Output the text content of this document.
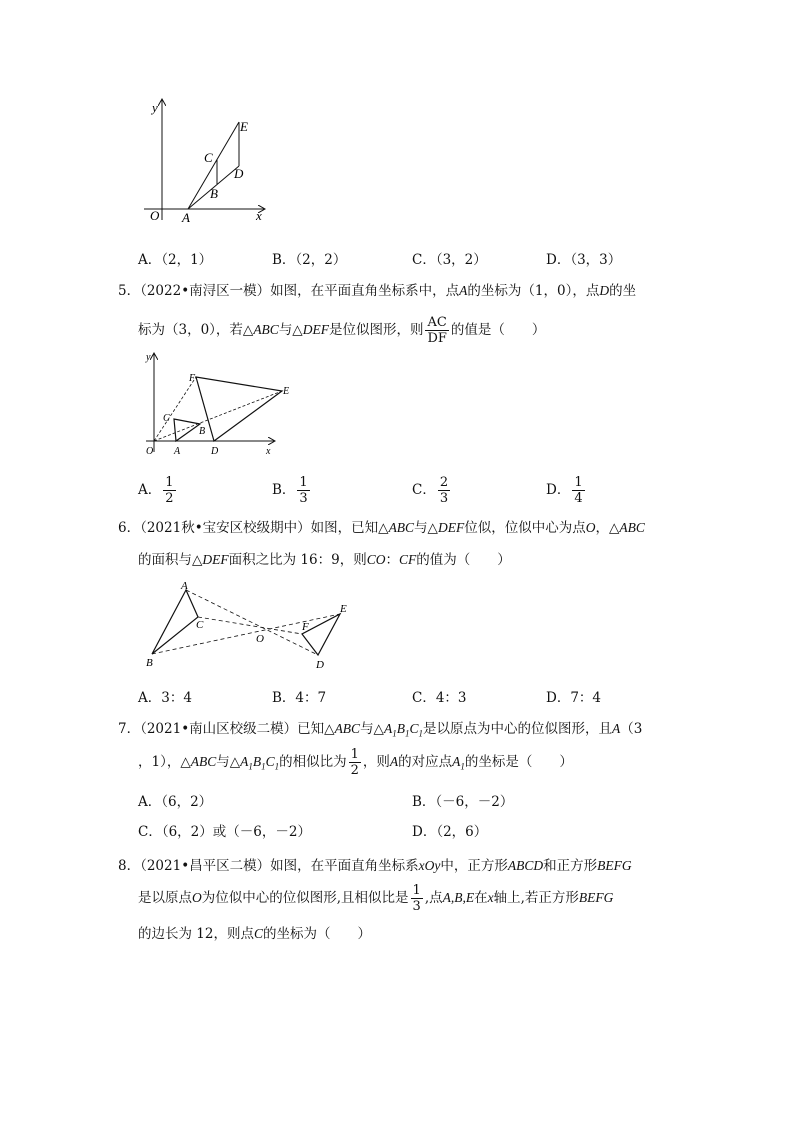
y
x
O A
B
C
D
E
A．（2，1）	B．（2，2）	C．（3，2）	D．（3，3）
5．（2022•南浔区一模）如图，在平面直角坐标系中，点A的坐标为（1，0），点D的坐
标为（3，0），若△ABC与△DEF是位似图形，则 $\frac{AC}{DF}$ 的值是（　　）
y
x
O A
B
C
D
E
F
A． $\frac{1}{2}$	B． $\frac{1}{3}$	C． $\frac{2}{3}$	D． $\frac{1}{4}$
6．（2021秋•宝安区校级期中）如图，已知△ABC与△DEF位似，位似中心为点O，△ABC
的面积与△DEF面积之比为 16：9，则CO：CF的值为（　　）
A
B
C
O
E
F
D
A．3：4	B．4：7	C．4：3	D．7：4
7．（2021•南山区校级二模）已知△ABC与$\triangle A_1B_1C_1$是以原点为中心的位似图形，且A（3
，1），△ABC与$\triangle A_1B_1C_1$的相似比为 $\frac{1}{2}$ ，则A的对应点$A_1$的坐标是（　　）
A．（6，2）	B．（－6，－2）
C．（6，2）或（－6，－2）	D．（2，6）
8．（2021•昌平区二模）如图，在平面直角坐标系xOy中，正方形ABCD和正方形BEFG
是以原点O为位似中心的位似图形,且相似比是 $\frac{1}{3}$ ,点A,B,E在x轴上,若正方形BEFG
的边长为 12，则点C的坐标为（　　）
